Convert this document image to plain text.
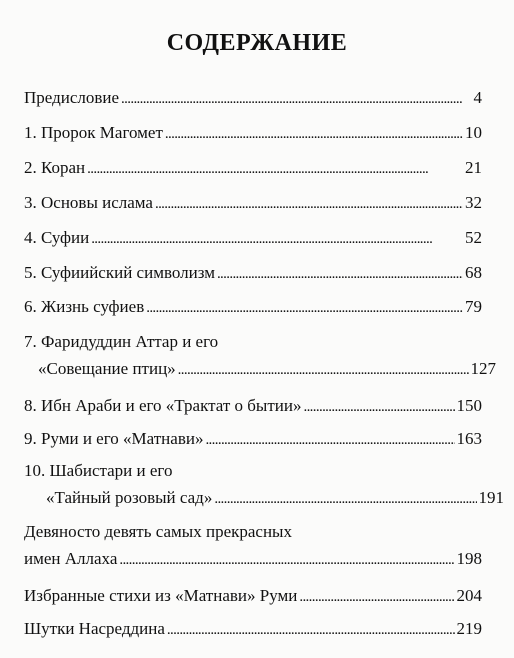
СОДЕРЖАНИЕ
Предисловие . . .	4
1. Пророк Магомет . . .	10
2. Коран . . .	21
3. Основы ислама . . .	32
4. Суфии . . .	52
5. Суфиийский символизм . . .	68
6. Жизнь суфиев . . .	79
7. Фаридуддин Аттар и его
«Совещание птиц» . . .	127
8. Ибн Араби и его «Трактат о бытии» . . .	150
9. Руми и его «Матнави» . . .	163
10. Шабистари и его
«Тайный розовый сад» . . .	191
Девяносто девять самых прекрасных
имен Аллаха . . .	198
Избранные стихи из «Матнави» Руми . . .	204
Шутки Насреддина . . .	219
